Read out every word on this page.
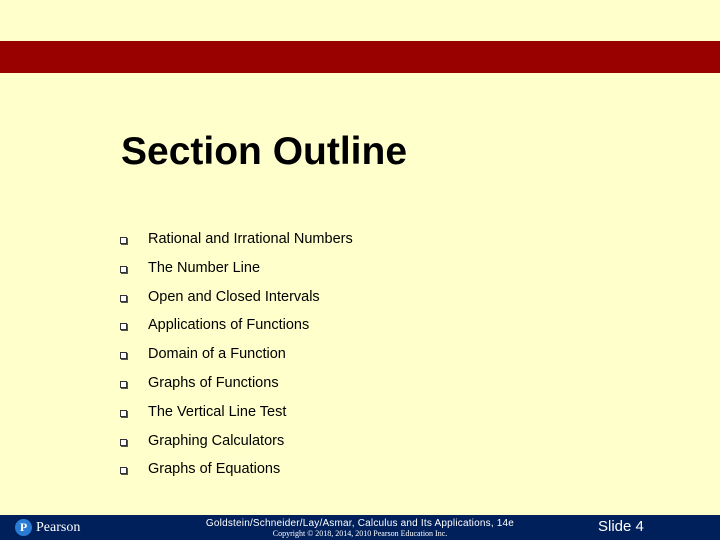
Section Outline
Rational and Irrational Numbers
The Number Line
Open and Closed Intervals
Applications of Functions
Domain of a Function
Graphs of Functions
The Vertical Line Test
Graphing Calculators
Graphs of Equations
P Pearson	Goldstein/Schneider/Lay/Asmar, Calculus and Its Applications, 14e
Copyright © 2018, 2014, 2010 Pearson Education Inc.	Slide 4
